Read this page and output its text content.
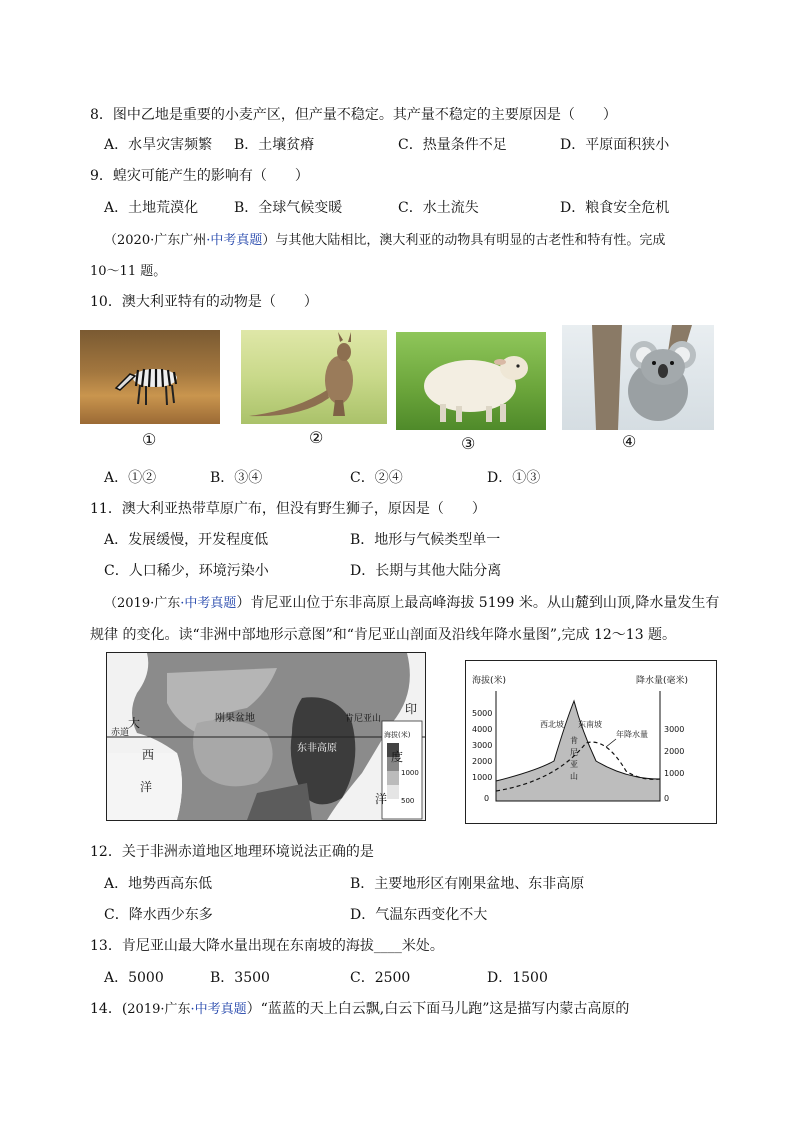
8．图中乙地是重要的小麦产区，但产量不稳定。其产量不稳定的主要原因是（　　）
A．水旱灾害频繁 B．土壤贫瘠	C．热量条件不足	D．平原面积狭小
9．蝗灾可能产生的影响有（　　）
A．土地荒漠化	B．全球气候变暖	C．水土流失	D．粮食安全危机
（2020·广东广州·中考真题）与其他大陆相比，澳大利亚的动物具有明显的古老性和特有性。完成
10～11 题。
10．澳大利亚特有的动物是（　　）
①	②	③	④
A．①②	B．③④	C．②④	D．①③
11．澳大利亚热带草原广布，但没有野生狮子，原因是（　　）
A．发展缓慢，开发程度低	B．地形与气候类型单一
C．人口稀少，环境污染小	D．长期与其他大陆分离
（2019·广东·中考真题）肯尼亚山位于东非高原上最高峰海拔 5199 米。从山麓到山顶,降水量发生有
规律 的变化。读“非洲中部地形示意图”和“肯尼亚山剖面及沿线年降水量图”,完成 12～13 题。
大
西
洋
赤道
刚果盆地
东非高原
肯尼亚山
印
度
洋
海拔(米)
1000
500
海拔(米)	降水量(毫米)
5000
4000
3000
2000
1000
0
3000
2000
1000
0
西北坡 东南坡
肯
尼
亚
山
年降水量
12．关于非洲赤道地区地理环境说法正确的是
A．地势西高东低	B．主要地形区有刚果盆地、东非高原
C．降水西少东多	D．气温东西变化不大
13．肯尼亚山最大降水量出现在东南坡的海拔____米处。
A．5000	B．3500	C．2500	D．1500
14．(2019·广东·中考真题）“蓝蓝的天上白云飘,白云下面马儿跑”这是描写内蒙古高原的
